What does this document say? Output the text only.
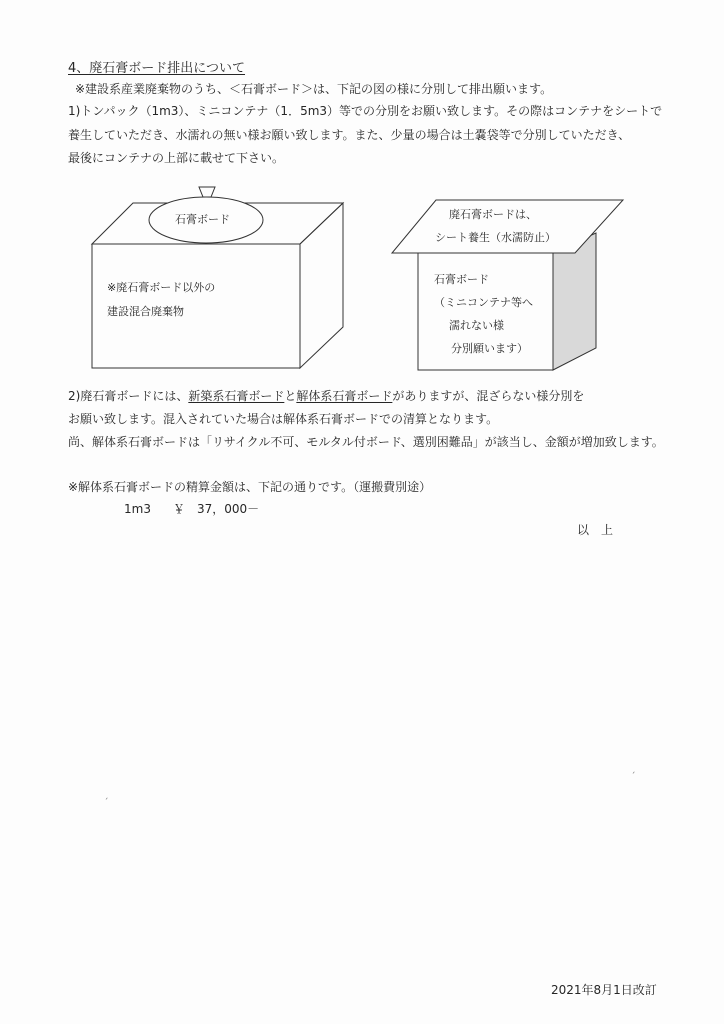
4、廃石膏ボード排出について
※建設系産業廃棄物のうち、＜石膏ボード＞は、下記の図の様に分別して排出願います。
1)トンパック（1m3）、ミニコンテナ（1．5m3）等での分別をお願い致します。その際はコンテナをシートで
養生していただき、水濡れの無い様お願い致します。また、少量の場合は土嚢袋等で分別していただき、
最後にコンテナの上部に載せて下さい。
石膏ボード
※廃石膏ボード以外の
建設混合廃棄物
廃石膏ボードは、
シート養生（水濡防止）
石膏ボード
（ミニコンテナ等へ
濡れない様
分別願います）
2)廃石膏ボードには、新築系石膏ボードと解体系石膏ボードがありますが、混ざらない様分別を
お願い致します。混入されていた場合は解体系石膏ボードでの清算となります。
尚、解体系石膏ボードは「リサイクル不可、モルタル付ボード、選別困難品」が該当し、金額が増加致します。
※解体系石膏ボードの精算金額は、下記の通りです。（運搬費別途）
1m3 ￥　37，000－
以　上
ˊ
ˊ
2021年8月1日改訂
